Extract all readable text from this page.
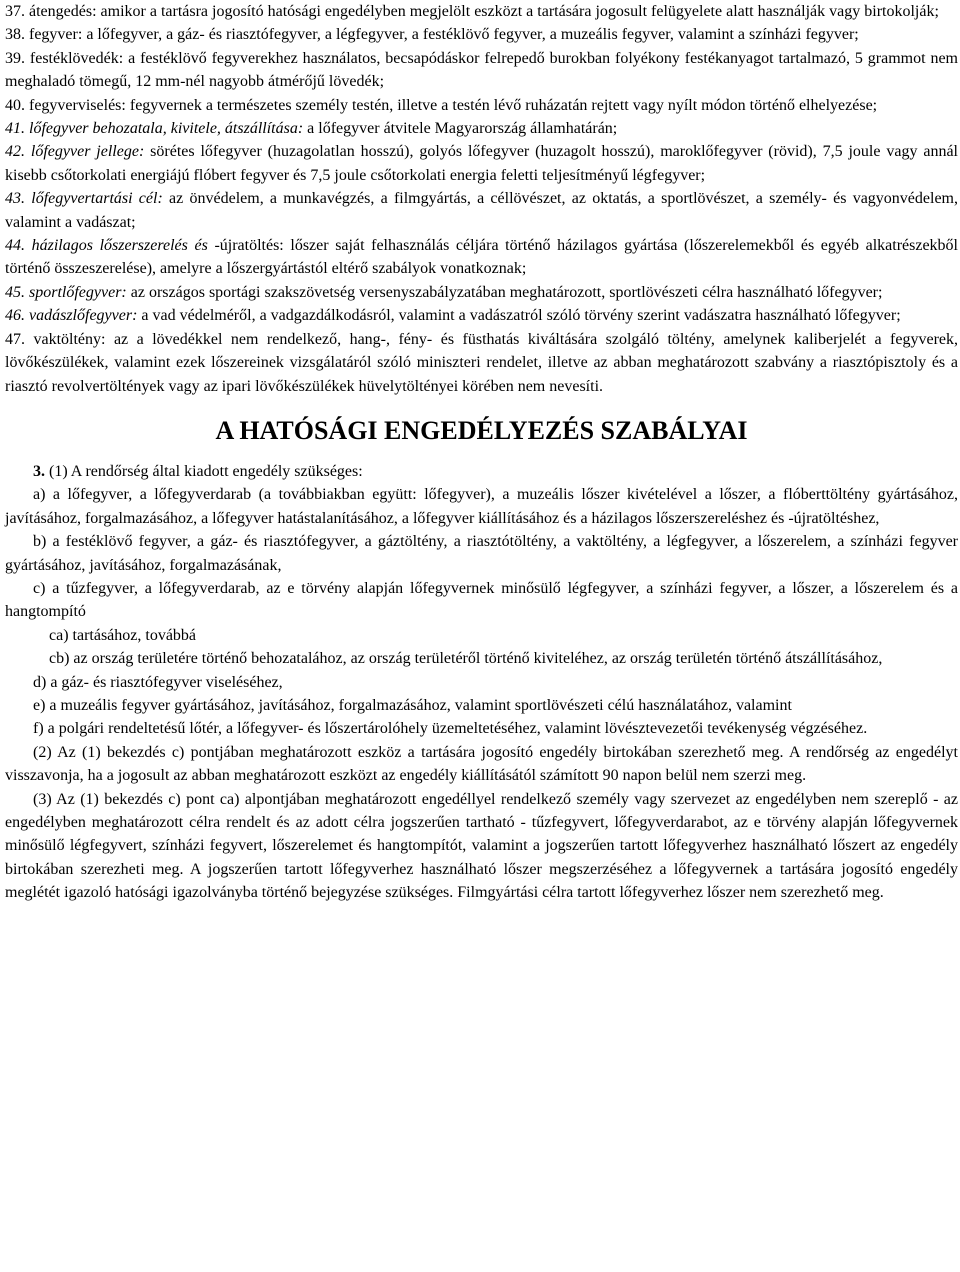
37. átengedés: amikor a tartásra jogosító hatósági engedélyben megjelölt eszközt a tartására jogosult felügyelete alatt használják vagy birtokolják;

38. fegyver: a lőfegyver, a gáz- és riasztófegyver, a légfegyver, a festéklövő fegyver, a muzeális fegyver, valamint a színházi fegyver;

39. festéklövedék: a festéklövő fegyverekhez használatos, becsapódáskor felrepedő burokban folyékony festékanyagot tartalmazó, 5 grammot nem meghaladó tömegű, 12 mm-nél nagyobb átmérőjű lövedék;

40. fegyverviselés: fegyvernek a természetes személy testén, illetve a testén lévő ruházatán rejtett vagy nyílt módon történő elhelyezése;

41. lőfegyver behozatala, kivitele, átszállítása: a lőfegyver átvitele Magyarország államhatárán;

42. lőfegyver jellege: sörétes lőfegyver (huzagolatlan hosszú), golyós lőfegyver (huzagolt hosszú), maroklőfegyver (rövid), 7,5 joule vagy annál kisebb csőtorkolati energiájú flóbert fegyver és 7,5 joule csőtorkolati energia feletti teljesítményű légfegyver;

43. lőfegyvertartási cél: az önvédelem, a munkavégzés, a filmgyártás, a céllövészet, az oktatás, a sportlövészet, a személy- és vagyonvédelem, valamint a vadászat;

44. házilagos lőszerszerelés és -újratöltés: lőszer saját felhasználás céljára történő házilagos gyártása (lőszerelemekből és egyéb alkatrészekből történő összeszerelése), amelyre a lőszergyártástól eltérő szabályok vonatkoznak;

45. sportlőfegyver: az országos sportági szakszövetség versenyszabályzatában meghatározott, sportlövészeti célra használható lőfegyver;

46. vadászlőfegyver: a vad védelméről, a vadgazdálkodásról, valamint a vadászatról szóló törvény szerint vadászatra használható lőfegyver;

47. vaktöltény: az a lövedékkel nem rendelkező, hang-, fény- és füsthatás kiváltására szolgáló töltény, amelynek kaliberjelét a fegyverek, lövőkészülékek, valamint ezek lőszereinek vizsgálatáról szóló miniszteri rendelet, illetve az abban meghatározott szabvány a riasztópisztoly és a riasztó revolvertöltények vagy az ipari lövőkészülékek hüvelytöltényei körében nem nevesíti.

A HATÓSÁGI ENGEDÉLYEZÉS SZABÁLYAI

3. (1) A rendőrség által kiadott engedély szükséges:

a) a lőfegyver, a lőfegyverdarab (a továbbiakban együtt: lőfegyver), a muzeális lőszer kivételével a lőszer, a flóberttöltény gyártásához, javításához, forgalmazásához, a lőfegyver hatástalanításához, a lőfegyver kiállításához és a házilagos lőszerszereléshez és -újratöltéshez,

b) a festéklövő fegyver, a gáz- és riasztófegyver, a gáztöltény, a riasztótöltény, a vaktöltény, a légfegyver, a lőszerelem, a színházi fegyver gyártásához, javításához, forgalmazásának,

c) a tűzfegyver, a lőfegyverdarab, az e törvény alapján lőfegyvernek minősülő légfegyver, a színházi fegyver, a lőszer, a lőszerelem és a hangtompító

ca) tartásához, továbbá

cb) az ország területére történő behozatalához, az ország területéről történő kiviteléhez, az ország területén történő átszállításához,

d) a gáz- és riasztófegyver viseléséhez,

e) a muzeális fegyver gyártásához, javításához, forgalmazásához, valamint sportlövészeti célú használatához, valamint

f) a polgári rendeltetésű lőtér, a lőfegyver- és lőszertárolóhely üzemeltetéséhez, valamint lövésztevezetői tevékenység végzéséhez.

(2) Az (1) bekezdés c) pontjában meghatározott eszköz a tartására jogosító engedély birtokában szerezhető meg. A rendőrség az engedélyt visszavonja, ha a jogosult az abban meghatározott eszközt az engedély kiállításától számított 90 napon belül nem szerzi meg.

(3) Az (1) bekezdés c) pont ca) alpontjában meghatározott engedéllyel rendelkező személy vagy szervezet az engedélyben nem szereplő - az engedélyben meghatározott célra rendelt és az adott célra jogszerűen tartható - tűzfegyvert, lőfegyverdarabot, az e törvény alapján lőfegyvernek minősülő légfegyvert, színházi fegyvert, lőszerelemet és hangtompítót, valamint a jogszerűen tartott lőfegyverhez használható lőszert az engedély birtokában szerezheti meg. A jogszerűen tartott lőfegyverhez használható lőszer megszerzéséhez a lőfegyvernek a tartására jogosító engedély meglétét igazoló hatósági igazolványba történő bejegyzése szükséges. Filmgyártási célra tartott lőfegyverhez lőszer nem szerezhető meg.
